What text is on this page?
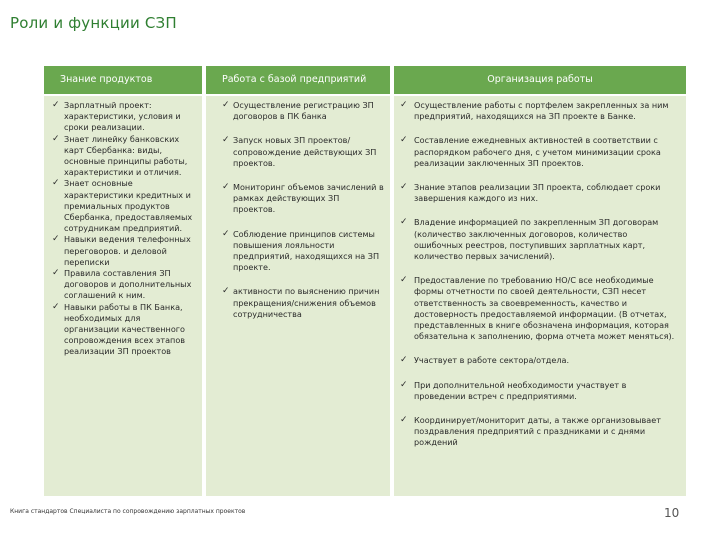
Роли и функции СЗП
Знание продуктов
✓ Зарплатный проект: характеристики, условия и сроки реализации.
✓ Знает линейку банковских карт Сбербанка: виды, основные принципы работы, характеристики и отличия.
✓ Знает основные характеристики кредитных и премиальных продуктов Сбербанка, предоставляемых сотрудникам предприятий.
✓ Навыки ведения телефонных переговоров. и деловой переписки
✓ Правила составления ЗП договоров и дополнительных соглашений к ним.
✓ Навыки работы в ПК Банка, необходимых для организации качественного сопровождения всех этапов реализации ЗП проектов
Работа с базой предприятий
✓ Осуществление регистрацию ЗП договоров в ПК банка
✓ Запуск новых ЗП проектов/сопровождение действующих ЗП проектов.
✓ Мониторинг объемов зачислений в рамках действующих ЗП проектов.
✓ Соблюдение принципов системы повышения лояльности предприятий, находящихся на ЗП проекте.
✓ активности по выяснению причин прекращения/снижения объемов сотрудничества
Организация работы
✓ Осуществление работы с портфелем закрепленных за ним предприятий, находящихся на ЗП проекте в Банке.
✓ Составление ежедневных активностей в соответствии с распорядком рабочего дня, с учетом минимизации срока реализации заключенных ЗП проектов.
✓ Знание этапов реализации ЗП проекта, соблюдает сроки завершения каждого из них.
✓ Владение информацией по закрепленным ЗП договорам (количество заключенных договоров, количество ошибочных реестров, поступивших зарплатных карт, количество первых зачислений).
✓ Предоставление по требованию НО/С все необходимые формы отчетности по своей деятельности, СЗП несет ответственность за своевременность, качество и достоверность предоставляемой информации. (В отчетах, представленных в книге обозначена информация, которая обязательна к заполнению, форма отчета может меняться).
✓ Участвует в работе сектора/отдела.
✓ При дополнительной необходимости участвует в проведении встреч с предприятиями.
✓ Координирует/мониторит даты, а также организовывает поздравления предприятий с праздниками и с днями рождений
Книга стандартов Специалиста по сопровождению зарплатных проектов	10
